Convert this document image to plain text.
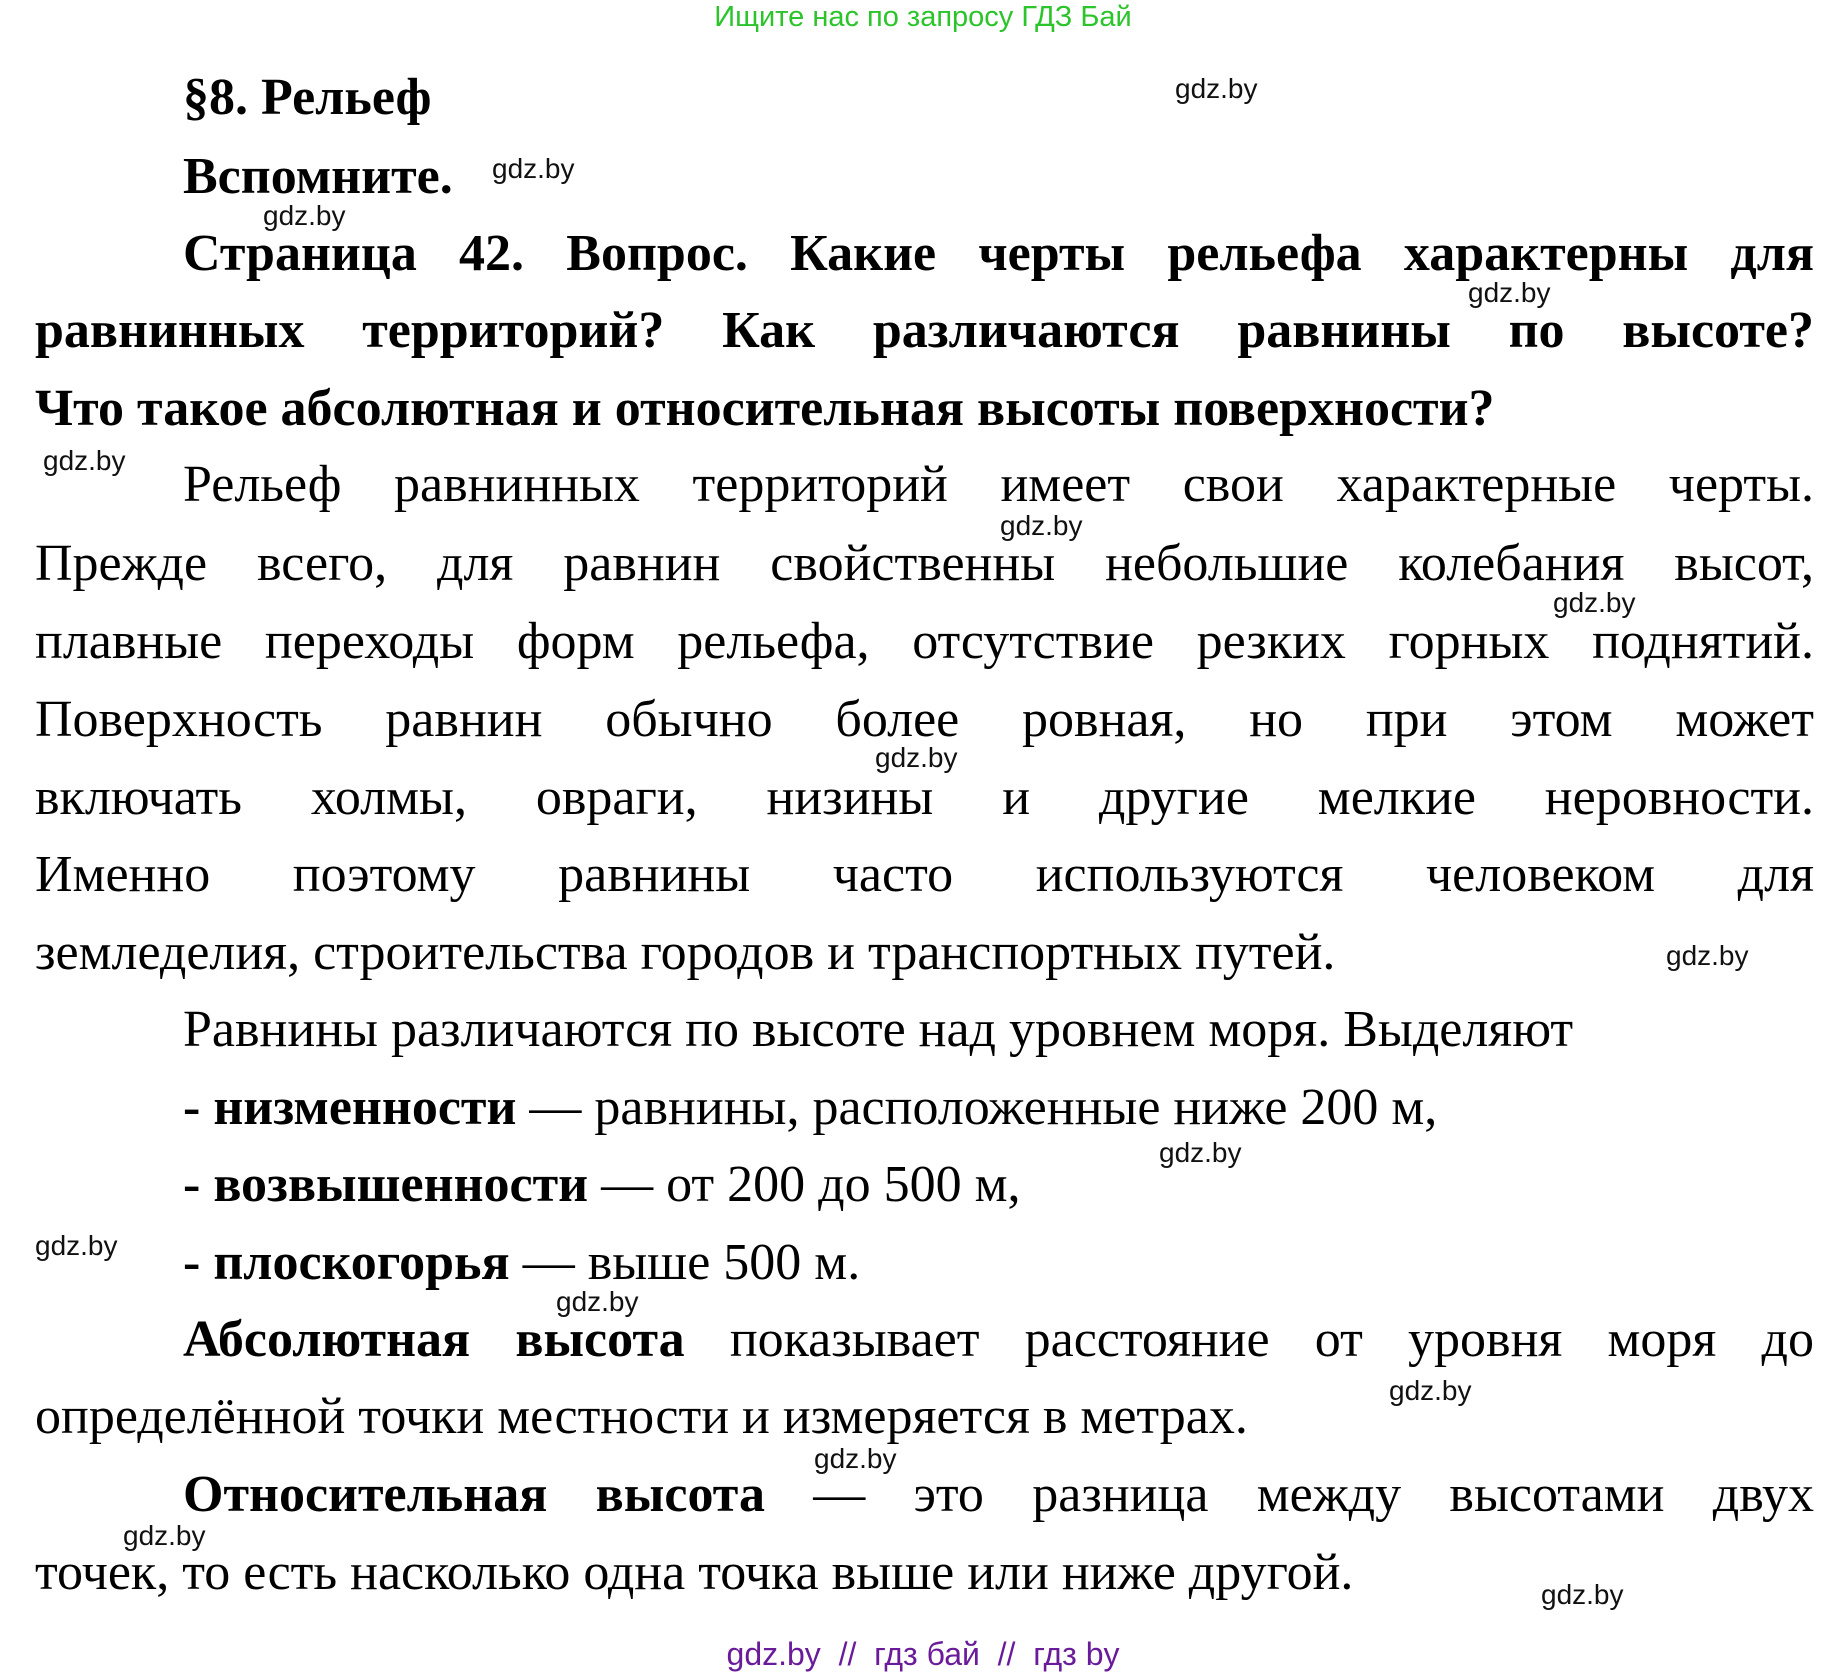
Ищите нас по запросу ГДЗ Бай
§8. Рельеф
Вспомните.
Страница 42. Вопрос. Какие черты рельефа характерны для
равнинных территорий? Как различаются равнины по высоте?
Что такое абсолютная и относительная высоты поверхности?
Рельеф равнинных территорий имеет свои характерные черты.
Прежде всего, для равнин свойственны небольшие колебания высот,
плавные переходы форм рельефа, отсутствие резких горных поднятий.
Поверхность равнин обычно более ровная, но при этом может
включать холмы, овраги, низины и другие мелкие неровности.
Именно поэтому равнины часто используются человеком для
земледелия, строительства городов и транспортных путей.
Равнины различаются по высоте над уровнем моря. Выделяют
- низменности — равнины, расположенные ниже 200 м,
- возвышенности — от 200 до 500 м,
- плоскогорья — выше 500 м.
Абсолютная высота показывает расстояние от уровня моря до
определённой точки местности и измеряется в метрах.
Относительная высота — это разница между высотами двух
точек, то есть насколько одна точка выше или ниже другой.
gdz.by
gdz.by
gdz.by
gdz.by
gdz.by
gdz.by
gdz.by
gdz.by
gdz.by
gdz.by
gdz.by
gdz.by
gdz.by
gdz.by
gdz.by
gdz.by
gdz.by  //  гдз бай  //  гдз by
